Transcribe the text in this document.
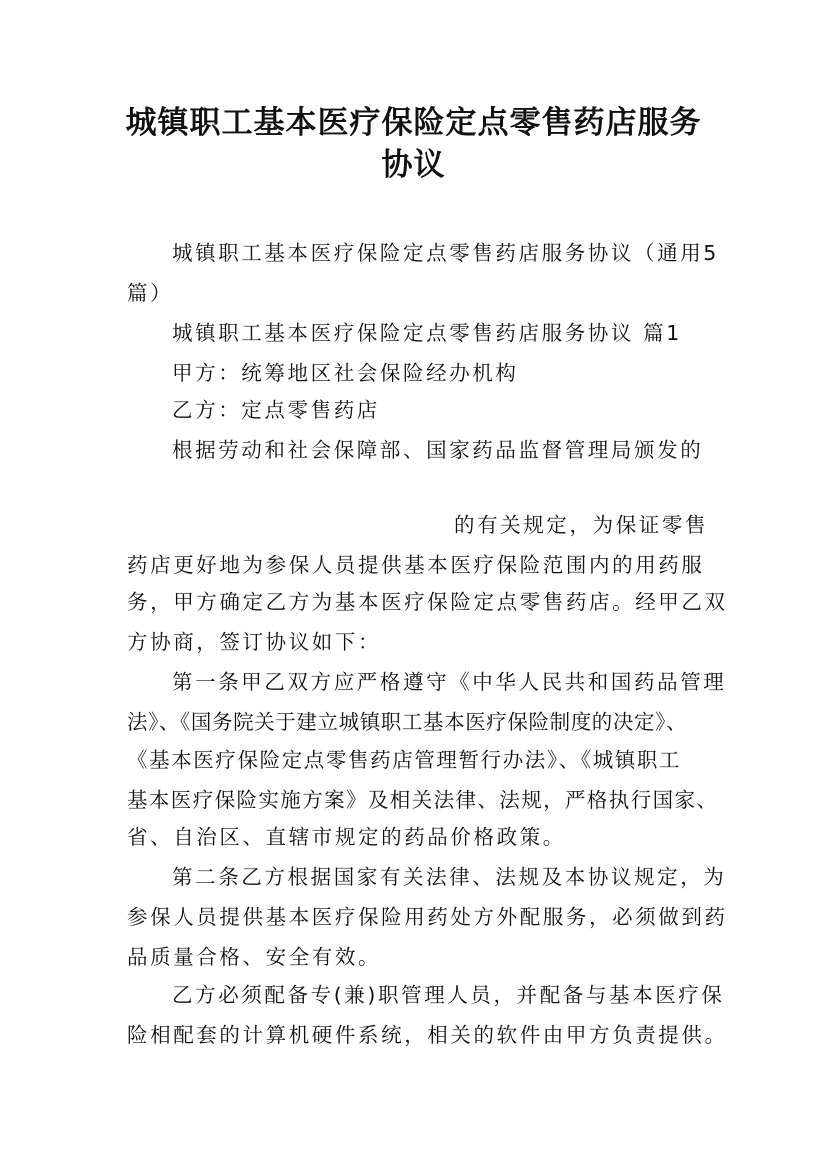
城镇职工基本医疗保险定点零售药店服务
协议
城镇职工基本医疗保险定点零售药店服务协议（通用5
篇）
城镇职工基本医疗保险定点零售药店服务协议 篇1
甲方：统筹地区社会保险经办机构
乙方：定点零售药店
根据劳动和社会保障部、国家药品监督管理局颁发的
的有关规定，为保证零售
药店更好地为参保人员提供基本医疗保险范围内的用药服
务，甲方确定乙方为基本医疗保险定点零售药店。经甲乙双
方协商，签订协议如下：
第一条甲乙双方应严格遵守《中华人民共和国药品管理
法》、《国务院关于建立城镇职工基本医疗保险制度的决定》、
《基本医疗保险定点零售药店管理暂行办法》、《城镇职工
基本医疗保险实施方案》及相关法律、法规，严格执行国家、
省、自治区、直辖市规定的药品价格政策。
第二条乙方根据国家有关法律、法规及本协议规定，为
参保人员提供基本医疗保险用药处方外配服务，必须做到药
品质量合格、安全有效。
乙方必须配备专(兼)职管理人员，并配备与基本医疗保
险相配套的计算机硬件系统，相关的软件由甲方负责提供。
